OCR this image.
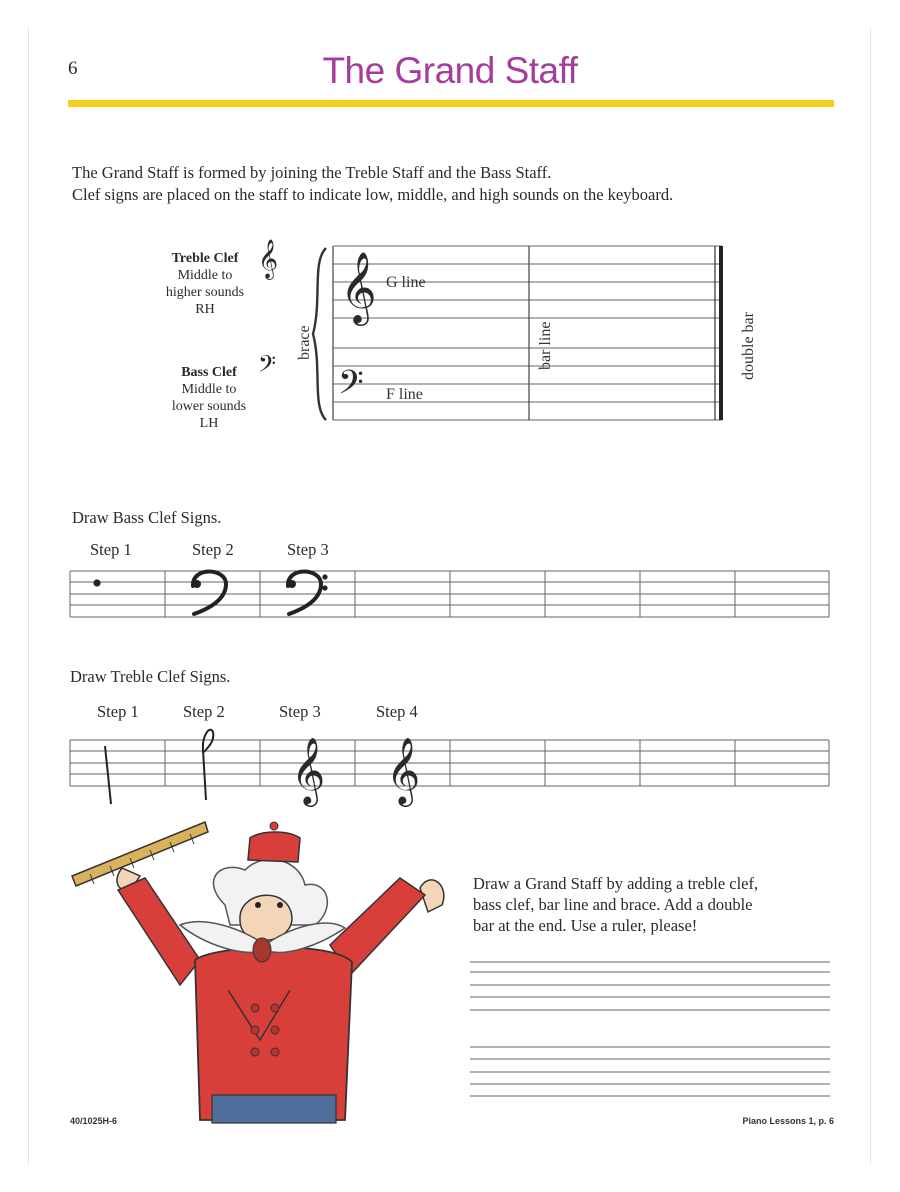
6	The Grand Staff
The Grand Staff is formed by joining the Treble Staff and the Bass Staff.
Clef signs are placed on the staff to indicate low, middle, and high sounds on the keyboard.
Treble Clef
Middle to
higher sounds
RH
Bass Clef
Middle to
lower sounds
LH
𝄞
𝄢
brace
𝄞 G line
𝄢 F line
bar line	double bar
Draw Bass Clef Signs.
Step 1	Step 2	Step 3
Draw Treble Clef Signs.
Step 1	Step 2	Step 3	Step 4
𝄞 𝄞
Draw a Grand Staff by adding a treble clef,
bass clef, bar line and brace. Add a double
bar at the end. Use a ruler, please!
40/1025H-6	Piano Lessons 1, p. 6
